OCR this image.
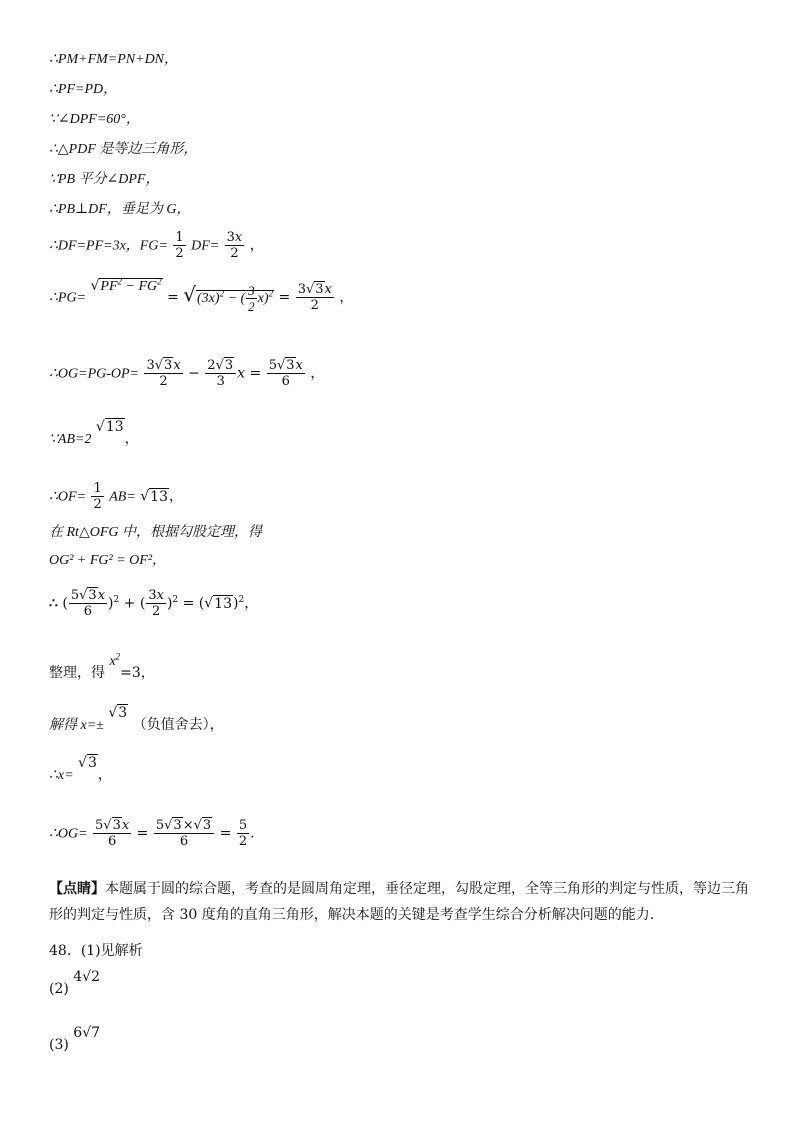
∴PM+FM=PN+DN，
∴PF=PD，
∵∠DPF=60°，
∴△PDF 是等边三角形，
∵PB 平分∠DPF，
∴PB⊥DF，垂足为 G，
∴DF=PF=3x，$FG= \frac{1}{2} DF= \frac{3x}{2}$ ，
∴PG= $√PF^2 - FG^2 = √(3x)^2$ − ( $\frac{3}{2} x)^2 = \frac{3√3x}{2}$ ，
∴OG=PG-OP= $\frac{3√3x}{2} - \frac{2√3}{3}$ $x = \frac{5√3x}{6}$ ，
∵AB=2 √13，
∴OF= $\frac{1}{2} AB= √13$，
在 Rt△OFG 中，根据勾股定理，得
OG² + FG² = OF²，
∴ ( $\frac{5√3x}{6} )^2$ + ( $\frac{3x}{2} )^2 = (√13)^2$，
整理，得 $x^2=3$，
解得 x=± √3 （负值舍去），
∴x= √3，
∴OG= $\frac{5√3x}{6} = \frac{5√3\times√3}{6} = \frac{5}{2}$ .
【点睛】本题属于圆的综合题，考查的是圆周角定理，垂径定理，勾股定理，全等三角形的判定与性质，等边三角形的判定与性质，含 30 度角的直角三角形，解决本题的关键是考查学生综合分析解决问题的能力.
48．(1)见解析
(2) 4√2
(3) 6√7
